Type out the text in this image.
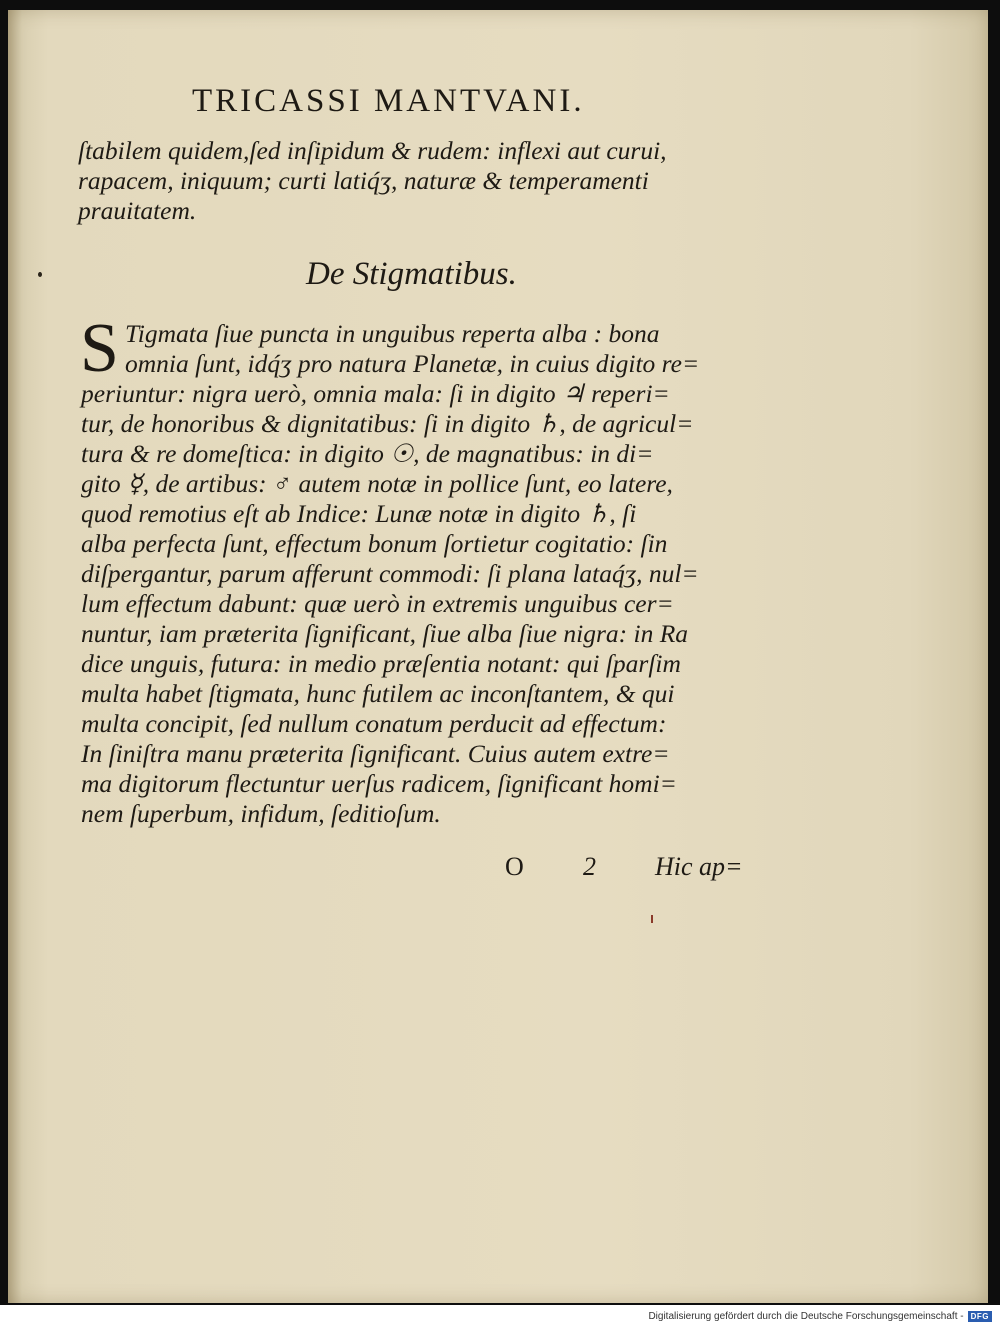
TRICASSI MANTVANI.

ſtabilem quidem,ſed inſipidum & rudem: inflexi aut curui,
rapacem, iniquum; curti latiq́ʒ, naturæ & temperamenti
prauitatem.

De Stigmatibus.
S Tigmata ſiue puncta in unguibus reperta alba : bona
omnia ſunt, idq́ʒ pro natura Planetæ, in cuius digito re=
periuntur: nigra uerò, omnia mala: ſi in digito ♃ reperi=
tur, de honoribus & dignitatibus: ſi in digito ♄, de agricul=
tura & re domeſtica: in digito ☉, de magnatibus: in di=
gito ☿, de artibus: ♂ autem notæ in pollice ſunt, eo latere,
quod remotius eſt ab Indice: Lunæ notæ in digito ♄, ſi
alba perfecta ſunt, effectum bonum ſortietur cogitatio: ſin
diſpergantur, parum afferunt commodi: ſi plana lataq́ʒ, nul=
lum effectum dabunt: quæ uerò in extremis unguibus cer=
nuntur, iam præterita ſignificant, ſiue alba ſiue nigra: in Ra
dice unguis, futura: in medio præſentia notant: qui ſparſim
multa habet ſtigmata, hunc futilem ac inconſtantem, & qui
multa concipit, ſed nullum conatum perducit ad effectum:
In ſiniſtra manu præterita ſignificant. Cuius autem extre=
ma digitorum flectuntur uerſus radicem, ſignificant homi=
nem ſuperbum, infidum, ſeditioſum.

O 2 Hic ap=
Digitalisierung gefördert durch die Deutsche Forschungsgemeinschaft - DFG
